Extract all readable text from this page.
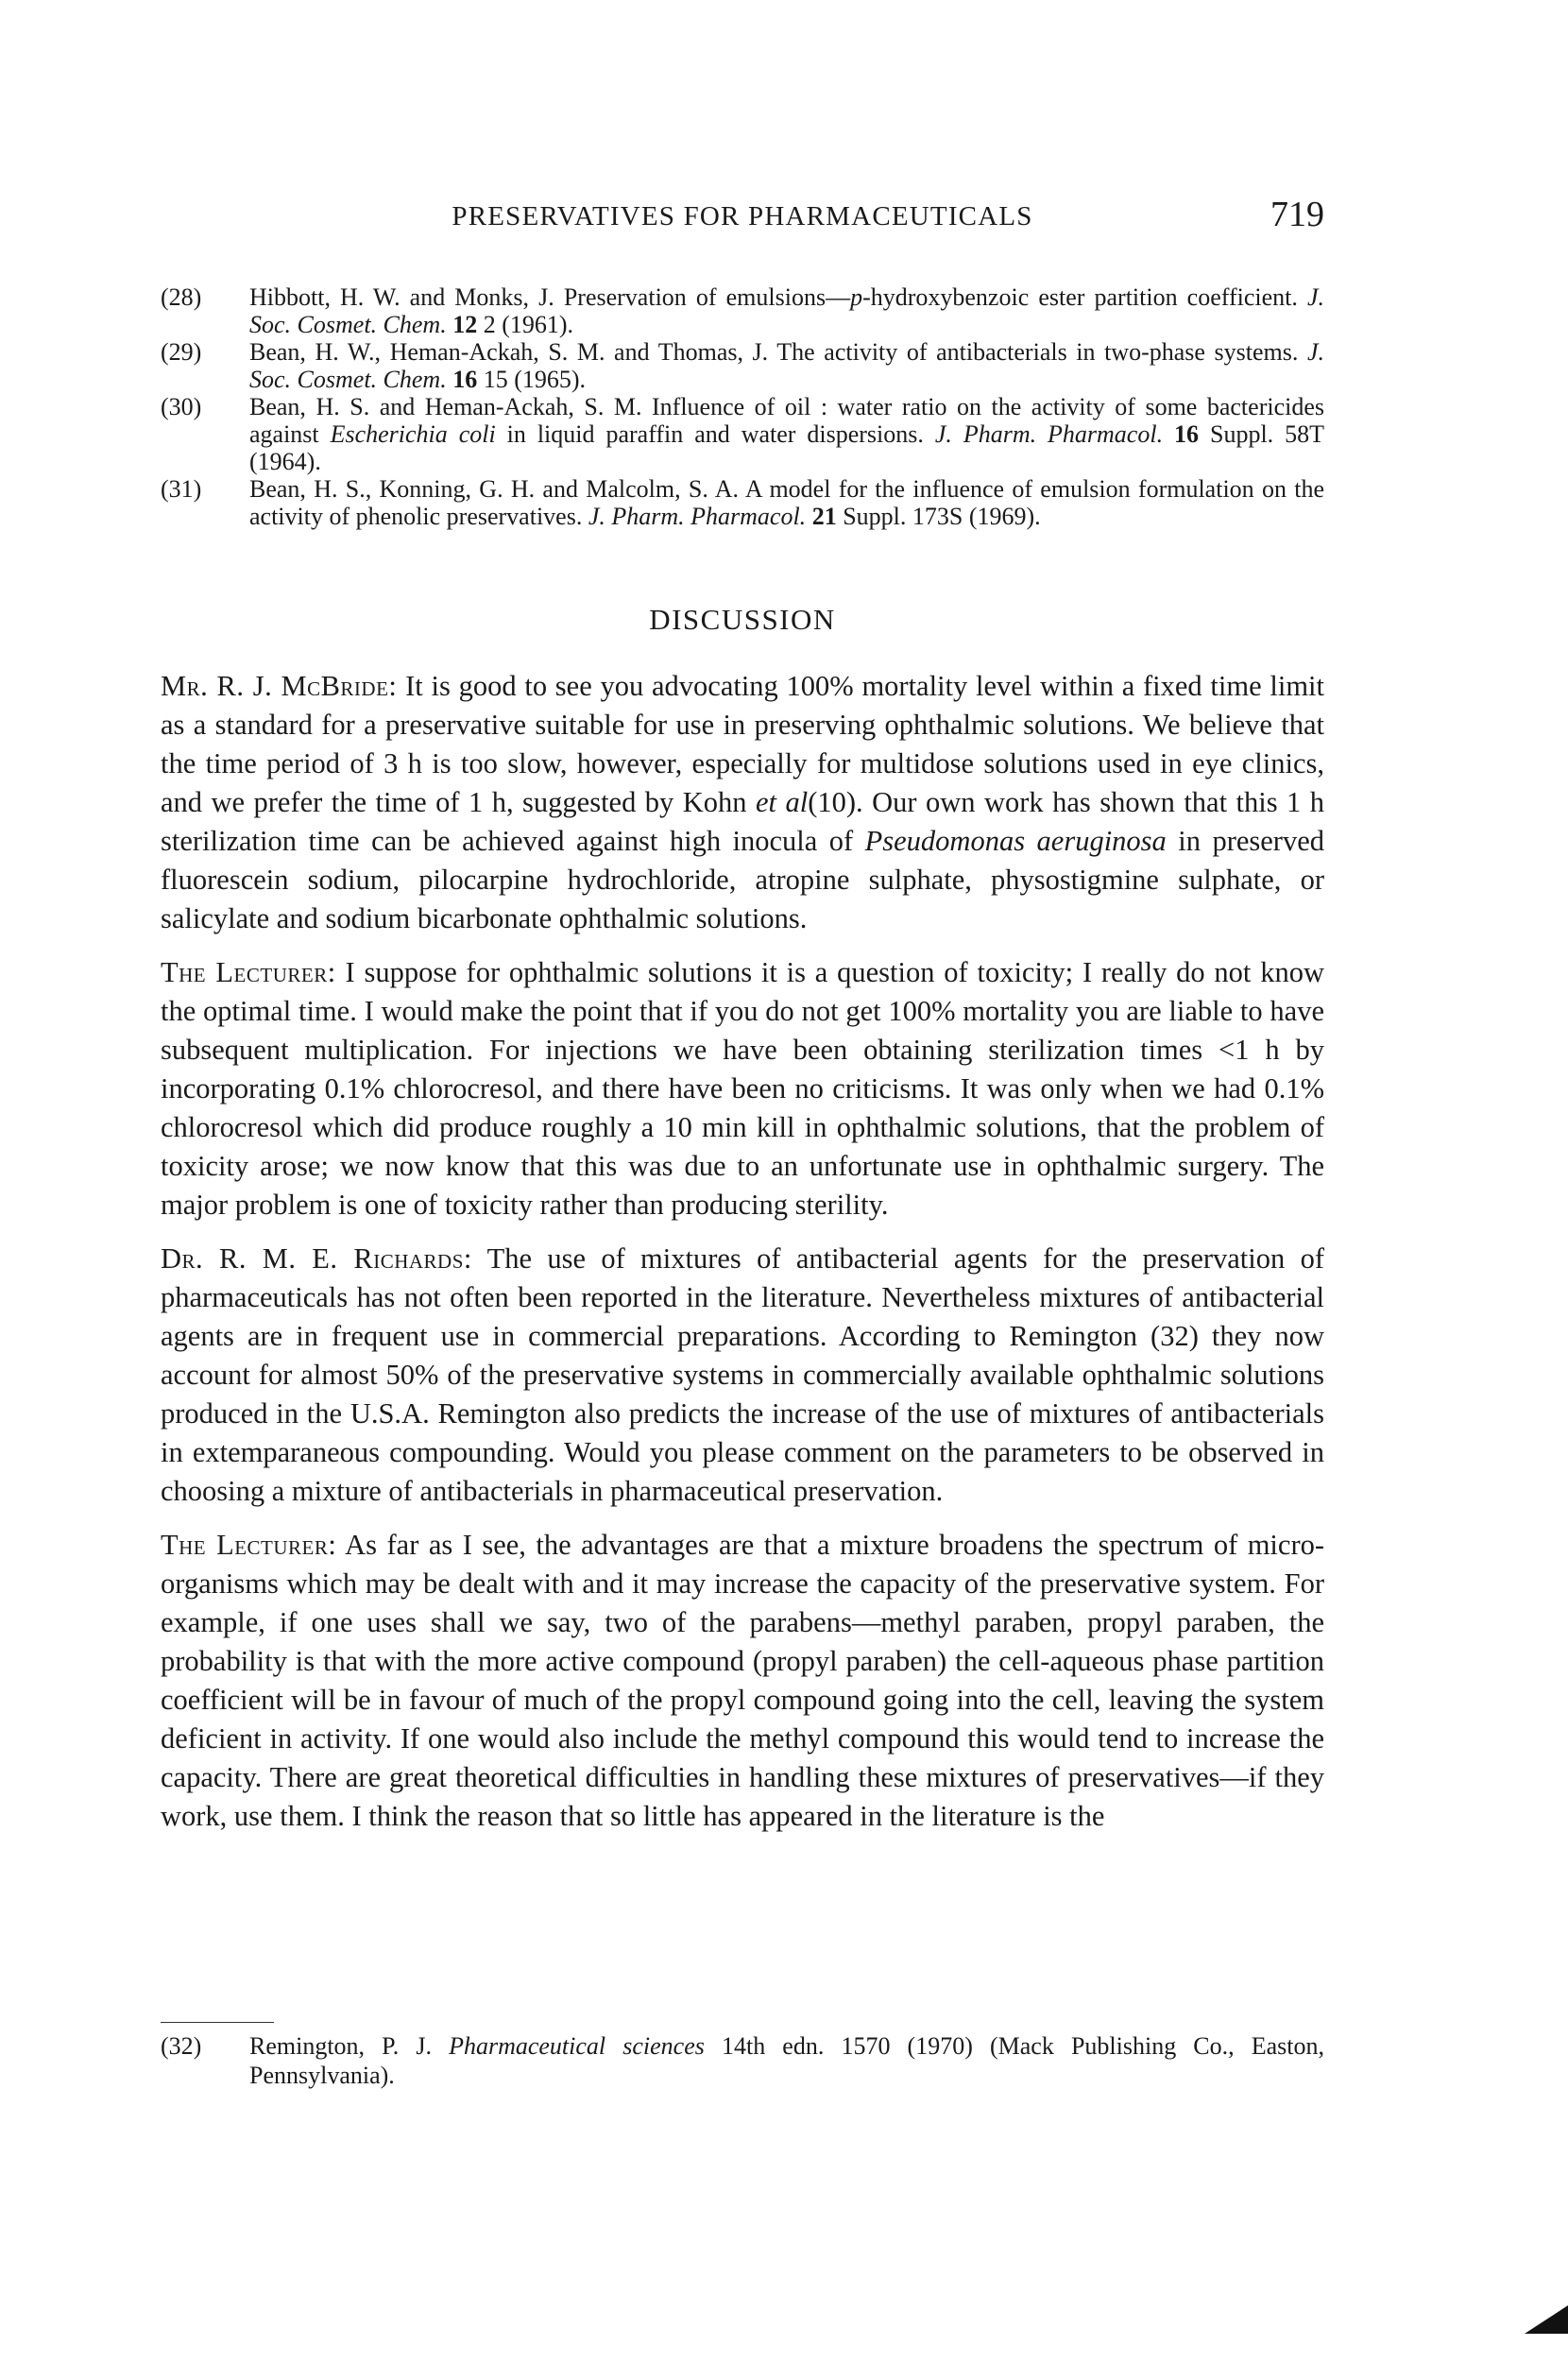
PRESERVATIVES FOR PHARMACEUTICALS	719
(28) Hibbott, H. W. and Monks, J. Preservation of emulsions—p-hydroxybenzoic ester partition coefficient. J. Soc. Cosmet. Chem. 12 2 (1961).
(29) Bean, H. W., Heman-Ackah, S. M. and Thomas, J. The activity of antibacterials in two-phase systems. J. Soc. Cosmet. Chem. 16 15 (1965).
(30) Bean, H. S. and Heman-Ackah, S. M. Influence of oil : water ratio on the activity of some bactericides against Escherichia coli in liquid paraffin and water dispersions. J. Pharm. Pharmacol. 16 Suppl. 58T (1964).
(31) Bean, H. S., Konning, G. H. and Malcolm, S. A. A model for the influence of emulsion formulation on the activity of phenolic preservatives. J. Pharm. Pharmacol. 21 Suppl. 173S (1969).
DISCUSSION

Mr. R. J. McBride: It is good to see you advocating 100% mortality level within a fixed time limit as a standard for a preservative suitable for use in preserving ophthalmic solutions. We believe that the time period of 3 h is too slow, however, especially for multidose solutions used in eye clinics, and we prefer the time of 1 h, suggested by Kohn et al(10). Our own work has shown that this 1 h sterilization time can be achieved against high inocula of Pseudomonas aeruginosa in preserved fluorescein sodium, pilocarpine hydrochloride, atropine sulphate, physostigmine sulphate, or salicylate and sodium bicarbonate ophthalmic solutions.

The Lecturer: I suppose for ophthalmic solutions it is a question of toxicity; I really do not know the optimal time. I would make the point that if you do not get 100% mortality you are liable to have subsequent multiplication. For injections we have been obtaining sterilization times <1 h by incorporating 0.1% chlorocresol, and there have been no criticisms. It was only when we had 0.1% chlorocresol which did produce roughly a 10 min kill in ophthalmic solutions, that the problem of toxicity arose; we now know that this was due to an unfortunate use in ophthalmic surgery. The major problem is one of toxicity rather than producing sterility.

Dr. R. M. E. Richards: The use of mixtures of antibacterial agents for the preservation of pharmaceuticals has not often been reported in the literature. Nevertheless mixtures of antibacterial agents are in frequent use in commercial preparations. According to Remington (32) they now account for almost 50% of the preservative systems in commercially available ophthalmic solutions produced in the U.S.A. Remington also predicts the increase of the use of mixtures of antibacterials in extemparaneous compounding. Would you please comment on the parameters to be observed in choosing a mixture of antibacterials in pharmaceutical preservation.

The Lecturer: As far as I see, the advantages are that a mixture broadens the spectrum of micro-organisms which may be dealt with and it may increase the capacity of the preservative system. For example, if one uses shall we say, two of the parabens—methyl paraben, propyl paraben, the probability is that with the more active compound (propyl paraben) the cell-aqueous phase partition coefficient will be in favour of much of the propyl compound going into the cell, leaving the system deficient in activity. If one would also include the methyl compound this would tend to increase the capacity. There are great theoretical difficulties in handling these mixtures of preservatives—if they work, use them. I think the reason that so little has appeared in the literature is the

(32) Remington, P. J. Pharmaceutical sciences 14th edn. 1570 (1970) (Mack Publishing Co., Easton, Pennsylvania).
